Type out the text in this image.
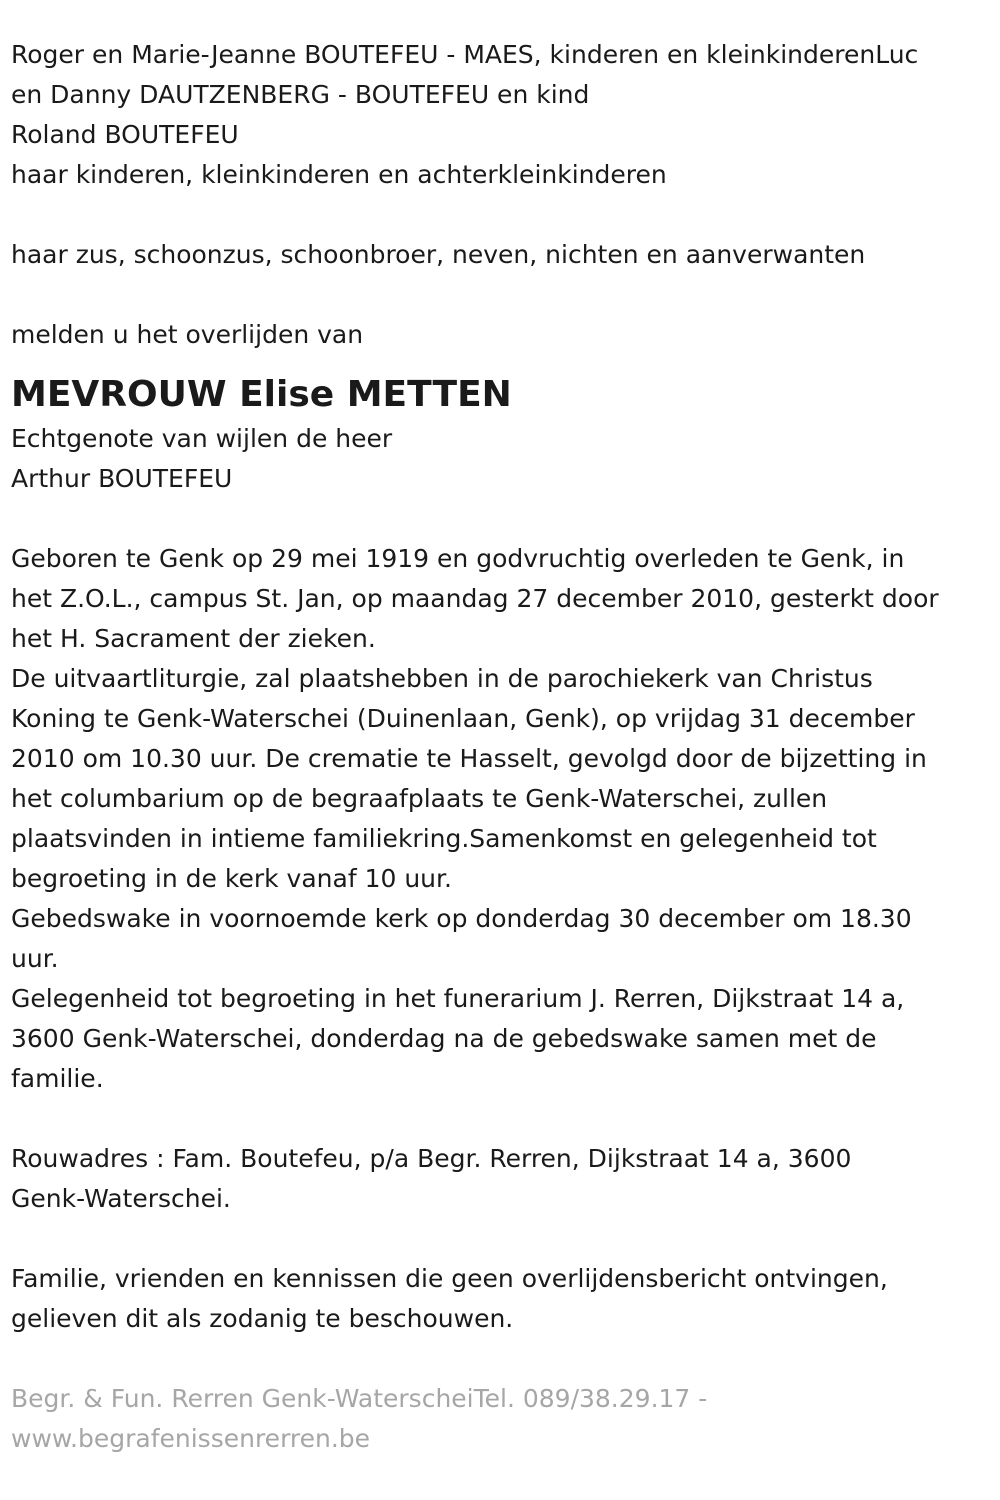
Roger en Marie-Jeanne BOUTEFEU - MAES, kinderen en kleinkinderenLuc
en Danny DAUTZENBERG - BOUTEFEU en kind
Roland BOUTEFEU
haar kinderen, kleinkinderen en achterkleinkinderen
haar zus, schoonzus, schoonbroer, neven, nichten en aanverwanten
melden u het overlijden van
MEVROUW Elise METTEN
Echtgenote van wijlen de heer
Arthur BOUTEFEU
Geboren te Genk op 29 mei 1919 en godvruchtig overleden te Genk, in
het Z.O.L., campus St. Jan, op maandag 27 december 2010, gesterkt door
het H. Sacrament der zieken.
De uitvaartliturgie, zal plaatshebben in de parochiekerk van Christus
Koning te Genk-Waterschei (Duinenlaan, Genk), op vrijdag 31 december
2010 om 10.30 uur. De crematie te Hasselt, gevolgd door de bijzetting in
het columbarium op de begraafplaats te Genk-Waterschei, zullen
plaatsvinden in intieme familiekring.Samenkomst en gelegenheid tot
begroeting in de kerk vanaf 10 uur.
Gebedswake in voornoemde kerk op donderdag 30 december om 18.30
uur.
Gelegenheid tot begroeting in het funerarium J. Rerren, Dijkstraat 14 a,
3600 Genk-Waterschei, donderdag na de gebedswake samen met de
familie.
Rouwadres : Fam. Boutefeu, p/a Begr. Rerren, Dijkstraat 14 a, 3600
Genk-Waterschei.
Familie, vrienden en kennissen die geen overlijdensbericht ontvingen,
gelieven dit als zodanig te beschouwen.
Begr. & Fun. Rerren Genk-WaterscheiTel. 089/38.29.17 -
www.begrafenissenrerren.be
